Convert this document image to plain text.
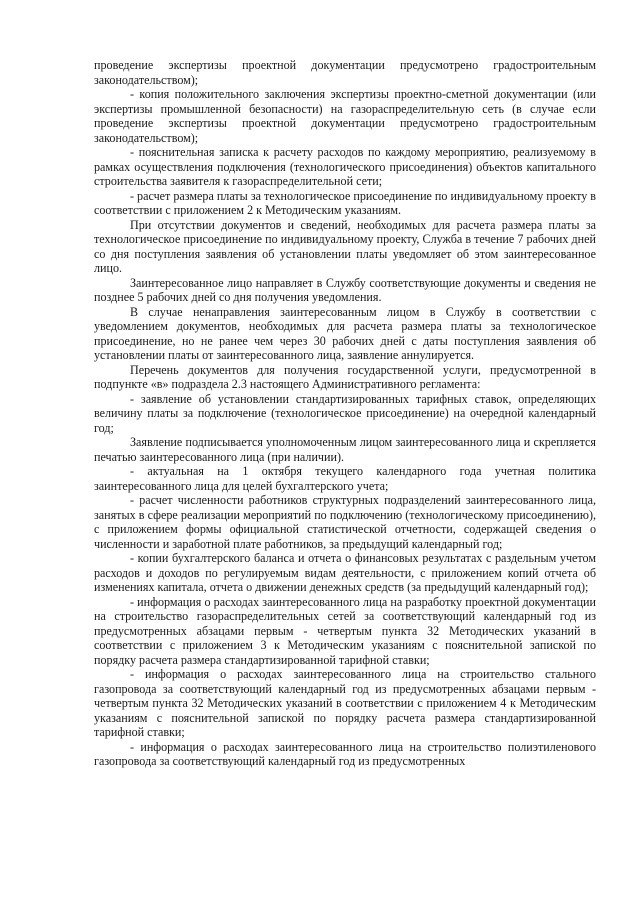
проведение экспертизы проектной документации предусмотрено градостроительным законодательством);

- копия положительного заключения экспертизы проектно-сметной документации (или экспертизы промышленной безопасности) на газораспределительную сеть (в случае если проведение экспертизы проектной документации предусмотрено градостроительным законодательством);

- пояснительная записка к расчету расходов по каждому мероприятию, реализуемому в рамках осуществления подключения (технологического присоединения) объектов капитального строительства заявителя к газораспределительной сети;

- расчет размера платы за технологическое присоединение по индивидуальному проекту в соответствии с приложением 2 к Методическим указаниям.

При отсутствии документов и сведений, необходимых для расчета размера платы за технологическое присоединение по индивидуальному проекту, Служба в течение 7 рабочих дней со дня поступления заявления об установлении платы уведомляет об этом заинтересованное лицо.

Заинтересованное лицо направляет в Службу соответствующие документы и сведения не позднее 5 рабочих дней со дня получения уведомления.

В случае ненаправления заинтересованным лицом в Службу в соответствии с уведомлением документов, необходимых для расчета размера платы за технологическое присоединение, но не ранее чем через 30 рабочих дней с даты поступления заявления об установлении платы от заинтересованного лица, заявление аннулируется.

Перечень документов для получения государственной услуги, предусмотренной в подпункте «в» подраздела 2.3 настоящего Административного регламента:

- заявление об установлении стандартизированных тарифных ставок, определяющих величину платы за подключение (технологическое присоединение) на очередной календарный год;

Заявление подписывается уполномоченным лицом заинтересованного лица и скрепляется печатью заинтересованного лица (при наличии).

- актуальная на 1 октября текущего календарного года учетная политика заинтересованного лица для целей бухгалтерского учета;

- расчет численности работников структурных подразделений заинтересованного лица, занятых в сфере реализации мероприятий по подключению (технологическому присоединению), с приложением формы официальной статистической отчетности, содержащей сведения о численности и заработной плате работников, за предыдущий календарный год;

- копии бухгалтерского баланса и отчета о финансовых результатах с раздельным учетом расходов и доходов по регулируемым видам деятельности, с приложением копий отчета об изменениях капитала, отчета о движении денежных средств (за предыдущий календарный год);

- информация о расходах заинтересованного лица на разработку проектной документации на строительство газораспределительных сетей за соответствующий календарный год из предусмотренных абзацами первым - четвертым пункта 32 Методических указаний в соответствии с приложением 3 к Методическим указаниям с пояснительной запиской по порядку расчета размера стандартизированной тарифной ставки;

- информация о расходах заинтересованного лица на строительство стального газопровода за соответствующий календарный год из предусмотренных абзацами первым - четвертым пункта 32 Методических указаний в соответствии с приложением 4 к Методическим указаниям с пояснительной запиской по порядку расчета размера стандартизированной тарифной ставки;

- информация о расходах заинтересованного лица на строительство полиэтиленового газопровода за соответствующий календарный год из предусмотренных
